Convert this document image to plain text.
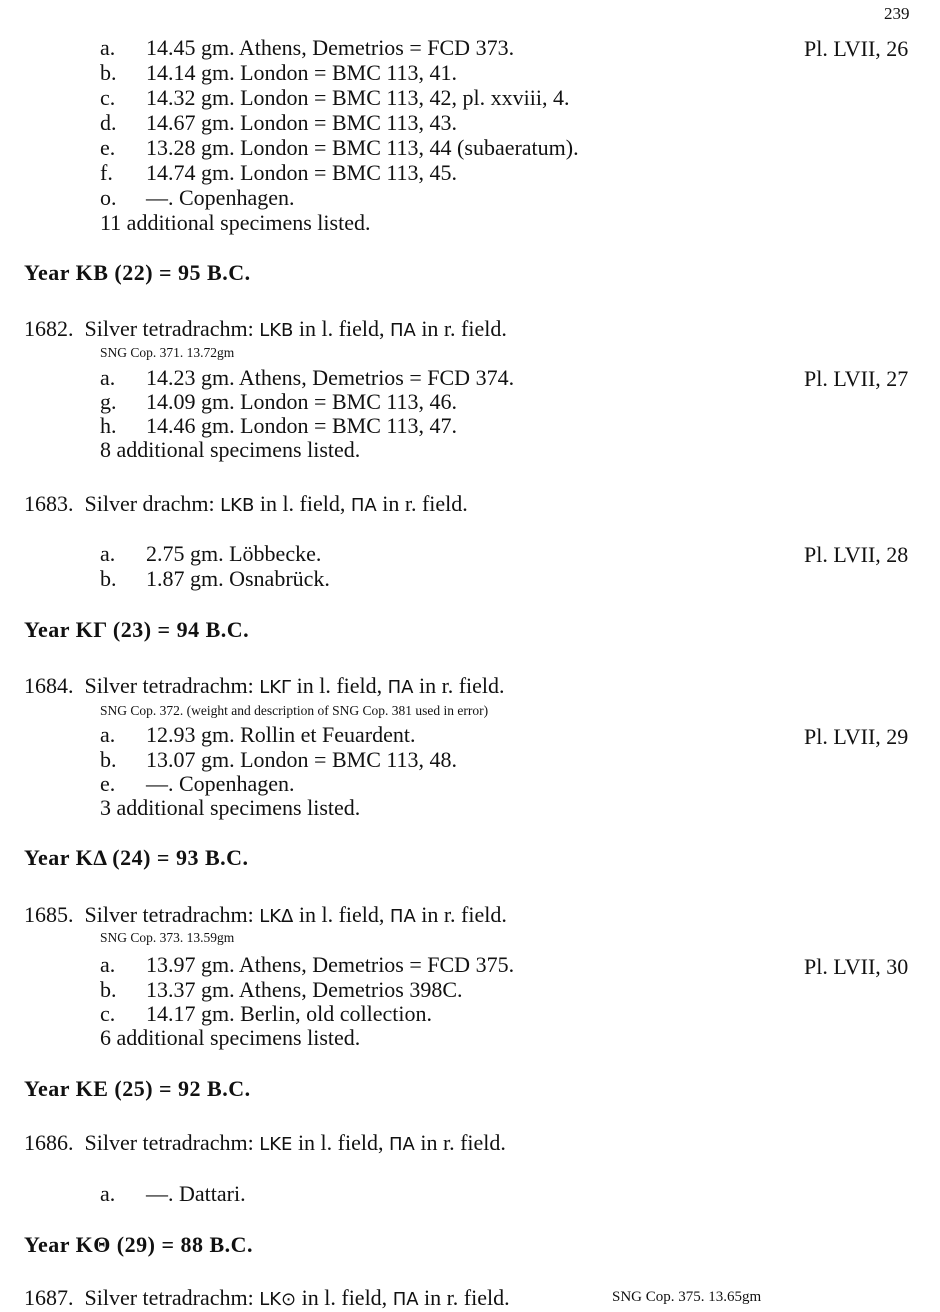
239
a. 14.45 gm. Athens, Demetrios = FCD 373.	Pl. LVII, 26
b. 14.14 gm. London = BMC 113, 41.
c. 14.32 gm. London = BMC 113, 42, pl. xxviii, 4.
d. 14.67 gm. London = BMC 113, 43.
e. 13.28 gm. London = BMC 113, 44 (subaeratum).
f. 14.74 gm. London = BMC 113, 45.
o. —. Copenhagen.
11 additional specimens listed.
Year KB (22) = 95 B.C.
1682. Silver tetradrachm: ᒪKB in l. field, ΠA in r. field.
SNG Cop. 371. 13.72gm
a. 14.23 gm. Athens, Demetrios = FCD 374.	Pl. LVII, 27
g. 14.09 gm. London = BMC 113, 46.
h. 14.46 gm. London = BMC 113, 47.
8 additional specimens listed.
1683. Silver drachm: ᒪKB in l. field, ΠA in r. field.
a. 2.75 gm. Löbbecke.	Pl. LVII, 28
b. 1.87 gm. Osnabrück.
Year KΓ (23) = 94 B.C.
1684. Silver tetradrachm: ᒪKΓ in l. field, ΠA in r. field.
SNG Cop. 372. (weight and description of SNG Cop. 381 used in error)
a. 12.93 gm. Rollin et Feuardent.	Pl. LVII, 29
b. 13.07 gm. London = BMC 113, 48.
e. —. Copenhagen.
3 additional specimens listed.
Year KΔ (24) = 93 B.C.
1685. Silver tetradrachm: ᒪKΔ in l. field, ΠA in r. field.
SNG Cop. 373. 13.59gm
a. 13.97 gm. Athens, Demetrios = FCD 375.	Pl. LVII, 30
b. 13.37 gm. Athens, Demetrios 398C.
c. 14.17 gm. Berlin, old collection.
6 additional specimens listed.
Year KE (25) = 92 B.C.
1686. Silver tetradrachm: ᒪKE in l. field, ΠA in r. field.
a. —. Dattari.
Year KΘ (29) = 88 B.C.
1687. Silver tetradrachm: ᒪK⊙ in l. field, ΠA in r. field.	SNG Cop. 375. 13.65gm
